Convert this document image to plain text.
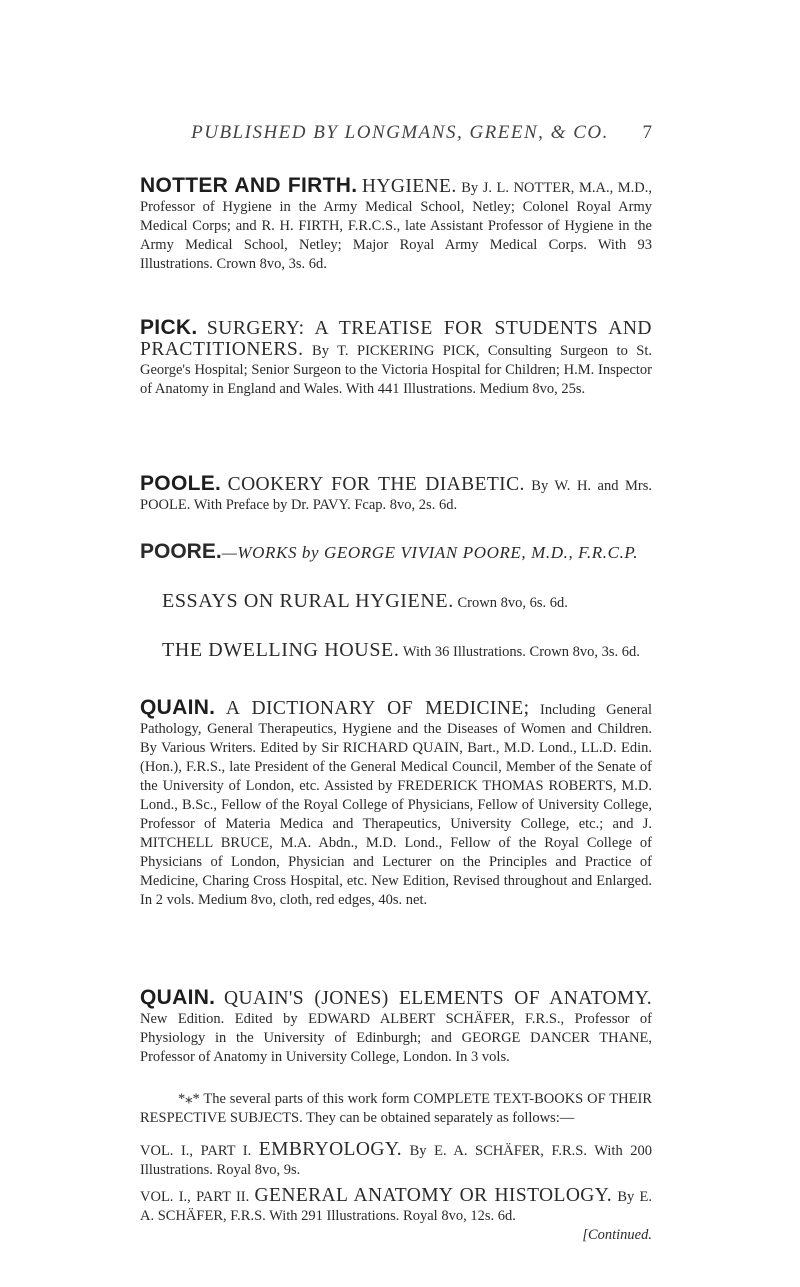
PUBLISHED BY LONGMANS, GREEN, & CO.	7
NOTTER AND FIRTH. HYGIENE. By J. L. NOTTER, M.A., M.D., Professor of Hygiene in the Army Medical School, Netley; Colonel Royal Army Medical Corps; and R. H. FIRTH, F.R.C.S., late Assistant Professor of Hygiene in the Army Medical School, Netley; Major Royal Army Medical Corps. With 93 Illustrations. Crown 8vo, 3s. 6d.
PICK. SURGERY: A TREATISE FOR STUDENTS AND PRACTITIONERS. By T. PICKERING PICK, Consulting Surgeon to St. George's Hospital; Senior Surgeon to the Victoria Hospital for Children; H.M. Inspector of Anatomy in England and Wales. With 441 Illustrations. Medium 8vo, 25s.
POOLE. COOKERY FOR THE DIABETIC. By W. H. and Mrs. POOLE. With Preface by Dr. PAVY. Fcap. 8vo, 2s. 6d.
POORE.—WORKS by GEORGE VIVIAN POORE, M.D., F.R.C.P.
ESSAYS ON RURAL HYGIENE. Crown 8vo, 6s. 6d.
THE DWELLING HOUSE. With 36 Illustrations. Crown 8vo, 3s. 6d.
QUAIN. A DICTIONARY OF MEDICINE; Including General Pathology, General Therapeutics, Hygiene and the Diseases of Women and Children. By Various Writers. Edited by Sir RICHARD QUAIN, Bart., M.D. Lond., LL.D. Edin. (Hon.), F.R.S., late President of the General Medical Council, Member of the Senate of the University of London, etc. Assisted by FREDERICK THOMAS ROBERTS, M.D. Lond., B.Sc., Fellow of the Royal College of Physicians, Fellow of University College, Professor of Materia Medica and Therapeutics, University College, etc.; and J. MITCHELL BRUCE, M.A. Abdn., M.D. Lond., Fellow of the Royal College of Physicians of London, Physician and Lecturer on the Principles and Practice of Medicine, Charing Cross Hospital, etc. New Edition, Revised throughout and Enlarged. In 2 vols. Medium 8vo, cloth, red edges, 40s. net.
QUAIN. QUAIN'S (JONES) ELEMENTS OF ANATOMY. New Edition. Edited by EDWARD ALBERT SCHÄFER, F.R.S., Professor of Physiology in the University of Edinburgh; and GEORGE DANCER THANE, Professor of Anatomy in University College, London. In 3 vols.
*⁎* The several parts of this work form COMPLETE TEXT-BOOKS OF THEIR RESPECTIVE SUBJECTS. They can be obtained separately as follows:—
VOL. I., PART I. EMBRYOLOGY. By E. A. SCHÄFER, F.R.S. With 200 Illustrations. Royal 8vo, 9s.
VOL. I., PART II. GENERAL ANATOMY OR HISTOLOGY. By E. A. SCHÄFER, F.R.S. With 291 Illustrations. Royal 8vo, 12s. 6d.
[Continued.
